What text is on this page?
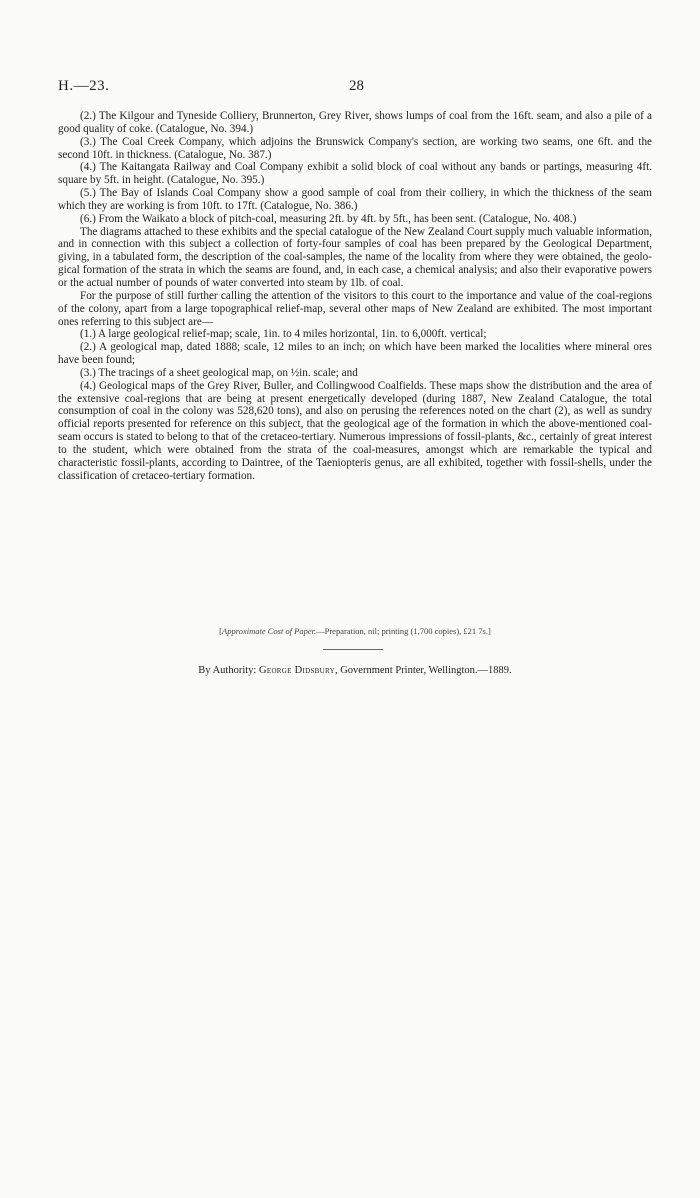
H.—23.	28

(2.) The Kilgour and Tyneside Colliery, Brunnerton, Grey River, shows lumps of coal from the 16ft. seam, and also a pile of a good quality of coke. (Catalogue, No. 394.)

(3.) The Coal Creek Company, which adjoins the Brunswick Company's section, are working two seams, one 6ft. and the second 10ft. in thickness. (Catalogue, No. 387.)

(4.) The Kaitangata Railway and Coal Company exhibit a solid block of coal without any bands or partings, measuring 4ft. square by 5ft. in height. (Catalogue, No. 395.)

(5.) The Bay of Islands Coal Company show a good sample of coal from their colliery, in which the thickness of the seam which they are working is from 10ft. to 17ft. (Catalogue, No. 386.)

(6.) From the Waikato a block of pitch-coal, measuring 2ft. by 4ft. by 5ft., has been sent. (Catalogue, No. 408.)

The diagrams attached to these exhibits and the special catalogue of the New Zealand Court supply much valuable information, and in connection with this subject a collection of forty-four samples of coal has been prepared by the Geological Department, giving, in a tabulated form, the description of the coal-samples, the name of the locality from where they were obtained, the geological formation of the strata in which the seams are found, and, in each case, a chemical analysis; and also their evaporative powers or the actual number of pounds of water converted into steam by 1lb. of coal.

For the purpose of still further calling the attention of the visitors to this court to the importance and value of the coal-regions of the colony, apart from a large topographical relief-map, several other maps of New Zealand are exhibited. The most important ones referring to this subject are—

(1.) A large geological relief-map; scale, 1in. to 4 miles horizontal, 1in. to 6,000ft. vertical;

(2.) A geological map, dated 1888; scale, 12 miles to an inch; on which have been marked the localities where mineral ores have been found;

(3.) The tracings of a sheet geological map, on ½in. scale; and

(4.) Geological maps of the Grey River, Buller, and Collingwood Coalfields. These maps show the distribution and the area of the extensive coal-regions that are being at present energetically developed (during 1887, New Zealand Catalogue, the total consumption of coal in the colony was 528,620 tons), and also on perusing the references noted on the chart (2), as well as sundry official reports presented for reference on this subject, that the geological age of the formation in which the above-mentioned coal-seam occurs is stated to belong to that of the cretaceo-tertiary. Numerous impressions of fossil-plants, &c., certainly of great interest to the student, which were obtained from the strata of the coal-measures, amongst which are remarkable the typical and characteristic fossil-plants, according to Daintree, of the Taeniopteris genus, are all exhibited, together with fossil-shells, under the classification of cretaceo-tertiary formation.

[Approximate Cost of Paper.—Preparation, nil; printing (1,700 copies), £21 7s.]
By Authority: George Didsbury, Government Printer, Wellington.—1889.
